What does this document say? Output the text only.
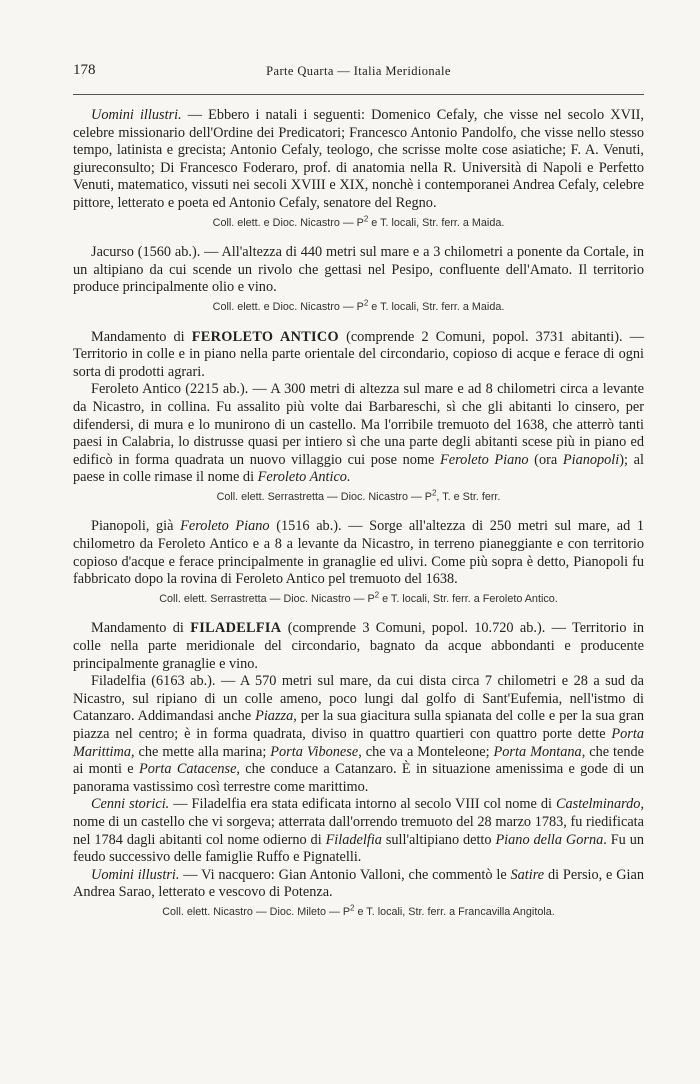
178	Parte Quarta — Italia Meridionale

Uomini illustri. — Ebbero i natali i seguenti: Domenico Cefaly, che visse nel secolo XVII, celebre missionario dell'Ordine dei Predicatori; Francesco Antonio Pandolfo, che visse nello stesso tempo, latinista e grecista; Antonio Cefaly, teologo, che scrisse molte cose asiatiche; F. A. Venuti, giureconsulto; Di Francesco Foderaro, prof. di anatomia nella R. Università di Napoli e Perfetto Venuti, matematico, vissuti nei secoli XVIII e XIX, nonchè i contemporanei Andrea Cefaly, celebre pittore, letterato e poeta ed Antonio Cefaly, senatore del Regno.

Coll. elett. e Dioc. Nicastro — $P^2$ e T. locali, Str. ferr. a Maida.

Jacurso (1560 ab.). — All'altezza di 440 metri sul mare e a 3 chilometri a ponente da Cortale, in un altipiano da cui scende un rivolo che gettasi nel Pesipo, confluente dell'Amato. Il territorio produce principalmente olio e vino.

Coll. elett. e Dioc. Nicastro — $P^2$ e T. locali, Str. ferr. a Maida.

Mandamento di FEROLETO ANTICO (comprende 2 Comuni, popol. 3731 abitanti). — Territorio in colle e in piano nella parte orientale del circondario, copioso di acque e ferace di ogni sorta di prodotti agrari.

Feroleto Antico (2215 ab.). — A 300 metri di altezza sul mare e ad 8 chilometri circa a levante da Nicastro, in collina. Fu assalito più volte dai Barbareschi, sì che gli abitanti lo cinsero, per difendersi, di mura e lo munirono di un castello. Ma l'orribile tremuoto del 1638, che atterrò tanti paesi in Calabria, lo distrusse quasi per intiero sì che una parte degli abitanti scese più in piano ed edificò in forma quadrata un nuovo villaggio cui pose nome Feroleto Piano (ora Pianopoli); al paese in colle rimase il nome di Feroleto Antico.

Coll. elett. Serrastretta — Dioc. Nicastro — $P^2$, T. e Str. ferr.

Pianopoli, già Feroleto Piano (1516 ab.). — Sorge all'altezza di 250 metri sul mare, ad 1 chilometro da Feroleto Antico e a 8 a levante da Nicastro, in terreno pianeggiante e con territorio copioso d'acque e ferace principalmente in granaglie ed ulivi. Come più sopra è detto, Pianopoli fu fabbricato dopo la rovina di Feroleto Antico pel tremuoto del 1638.

Coll. elett. Serrastretta — Dioc. Nicastro — $P^2$ e T. locali, Str. ferr. a Feroleto Antico.

Mandamento di FILADELFIA (comprende 3 Comuni, popol. 10.720 ab.). — Territorio in colle nella parte meridionale del circondario, bagnato da acque abbondanti e producente principalmente granaglie e vino.

Filadelfia (6163 ab.). — A 570 metri sul mare, da cui dista circa 7 chilometri e 28 a sud da Nicastro, sul ripiano di un colle ameno, poco lungi dal golfo di Sant'Eufemia, nell'istmo di Catanzaro. Addimandasi anche Piazza, per la sua giacitura sulla spianata del colle e per la sua gran piazza nel centro; è in forma quadrata, diviso in quattro quartieri con quattro porte dette Porta Marittima, che mette alla marina; Porta Vibonese, che va a Monteleone; Porta Montana, che tende ai monti e Porta Catacense, che conduce a Catanzaro. È in situazione amenissima e gode di un panorama vastissimo così terrestre come marittimo.

Cenni storici. — Filadelfia era stata edificata intorno al secolo VIII col nome di Castelminardo, nome di un castello che vi sorgeva; atterrata dall'orrendo tremuoto del 28 marzo 1783, fu riedificata nel 1784 dagli abitanti col nome odierno di Filadelfia sull'altipiano detto Piano della Gorna. Fu un feudo successivo delle famiglie Ruffo e Pignatelli.

Uomini illustri. — Vi nacquero: Gian Antonio Valloni, che commentò le Satire di Persio, e Gian Andrea Sarao, letterato e vescovo di Potenza.

Coll. elett. Nicastro — Dioc. Mileto — $P^2$ e T. locali, Str. ferr. a Francavilla Angitola.
